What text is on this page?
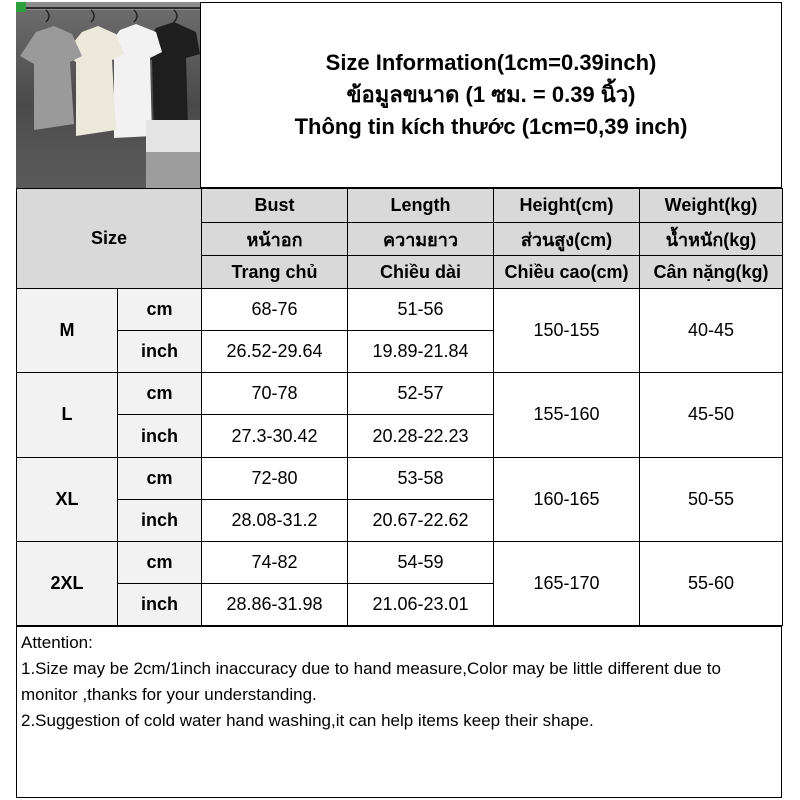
Size Information(1cm=0.39inch)
ข้อมูลขนาด (1 ซม. = 0.39 นิ้ว)
Thông tin kích thước (1cm=0,39 inch)
Size		Bust	Length	Height(cm)	Weight(kg)
		หน้าอก	ความยาว	ส่วนสูง(cm)	น้ำหนัก(kg)
		Trang chủ	Chiều dài	Chiều cao(cm)	Cân nặng(kg)
M	cm	68-76	51-56	150-155	40-45
	inch	26.52-29.64	19.89-21.84		
L	cm	70-78	52-57	155-160	45-50
	inch	27.3-30.42	20.28-22.23		
XL	cm	72-80	53-58	160-165	50-55
	inch	28.08-31.2	20.67-22.62		
2XL	cm	74-82	54-59	165-170	55-60
	inch	28.86-31.98	21.06-23.01		

Attention:

1.Size may be 2cm/1inch inaccuracy due to hand measure,Color may be little different due to monitor ,thanks for your understanding.

2.Suggestion of cold water hand washing,it can help items keep their shape.
